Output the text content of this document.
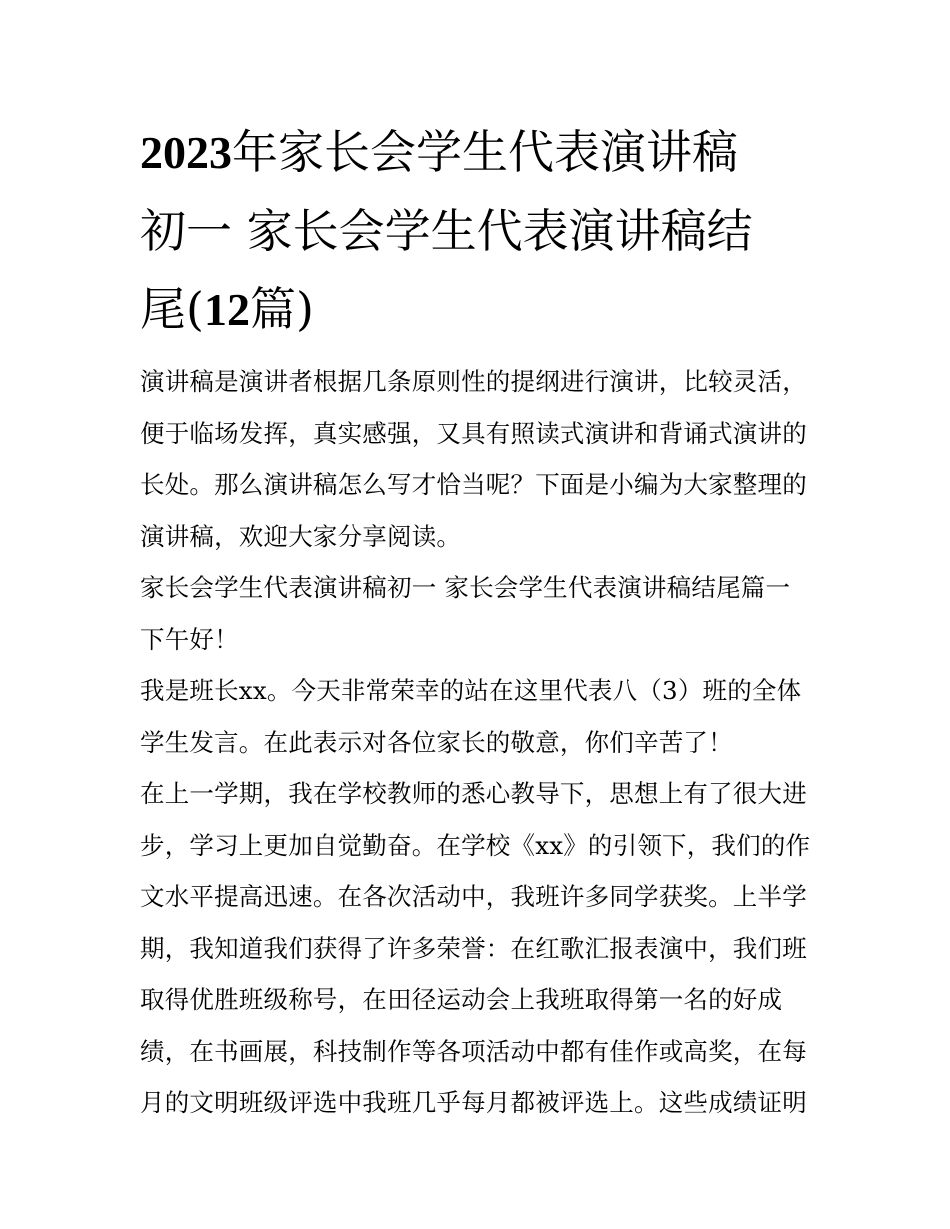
2023年家长会学生代表演讲稿
初一 家长会学生代表演讲稿结
尾(12篇)

演讲稿是演讲者根据几条原则性的提纲进行演讲，比较灵活，便于临场发挥，真实感强，又具有照读式演讲和背诵式演讲的长处。那么演讲稿怎么写才恰当呢？下面是小编为大家整理的演讲稿，欢迎大家分享阅读。

家长会学生代表演讲稿初一 家长会学生代表演讲稿结尾篇一

下午好！

我是班长xx。今天非常荣幸的站在这里代表八（3）班的全体学生发言。在此表示对各位家长的敬意，你们辛苦了！

在上一学期，我在学校教师的悉心教导下，思想上有了很大进步，学习上更加自觉勤奋。在学校《xx》的引领下，我们的作文水平提高迅速。在各次活动中，我班许多同学获奖。上半学期，我知道我们获得了许多荣誉：在红歌汇报表演中，我们班取得优胜班级称号，在田径运动会上我班取得第一名的好成绩，在书画展，科技制作等各项活动中都有佳作或高奖，在每月的文明班级评选中我班几乎每月都被评选上。这些成绩证明
